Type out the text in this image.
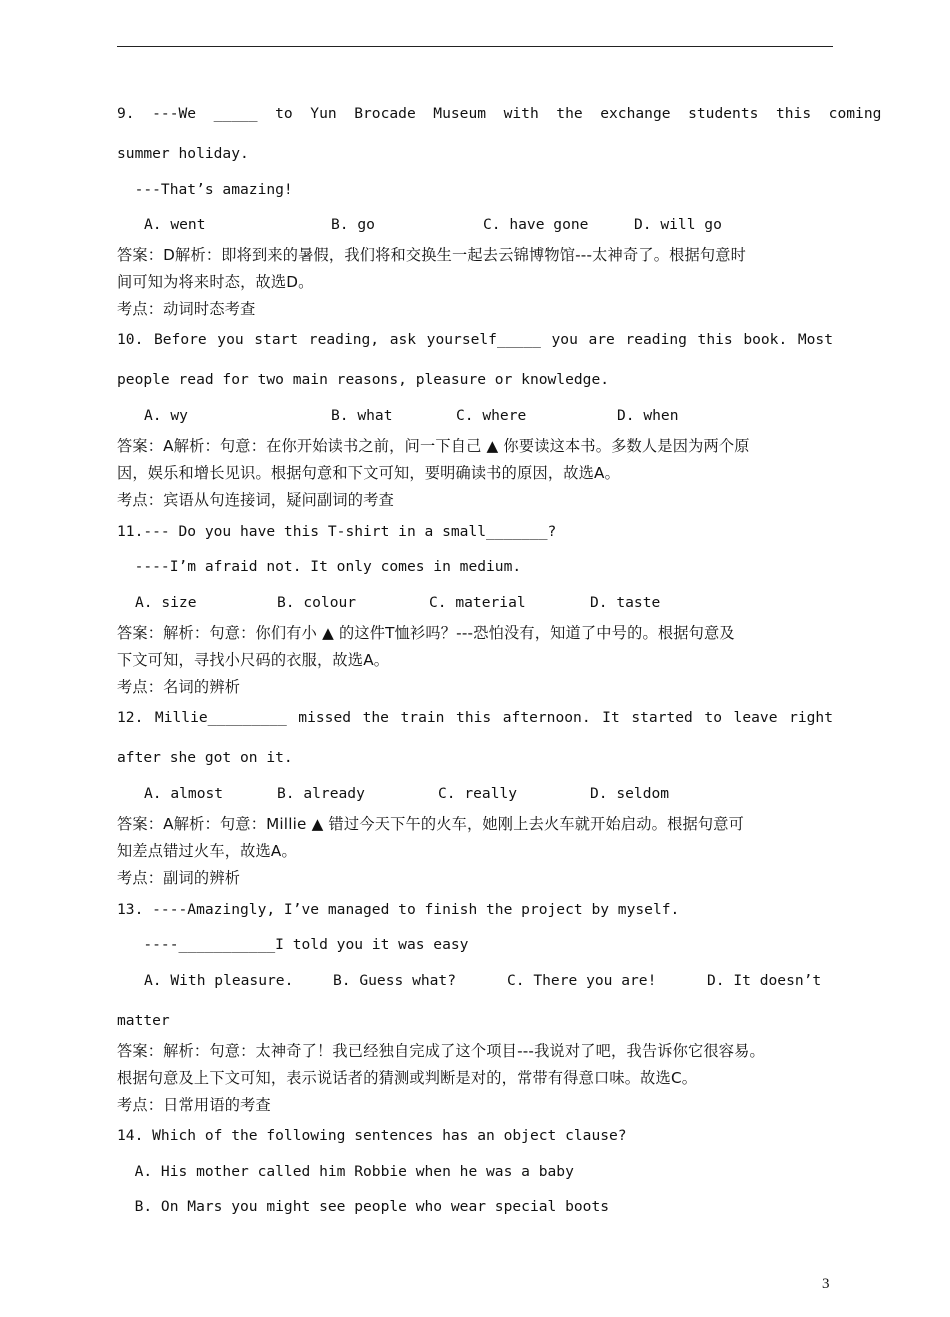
9.  ---We  _____  to  Yun  Brocade  Museum  with  the  exchange  students  this  coming
summer holiday.
---That’s amazing!

A. went

	B. go

	C. have gone

	D. will go

答案：D解析：即将到来的暑假，我们将和交换生一起去云锦博物馆---太神奇了。根据句意时
间可知为将来时态，故选D。
考点：动词时态考查
10. Before you start reading, ask yourself_____ you are reading this book. Most
people read for two main reasons, pleasure or knowledge.

A. wy

	B. what

	C. where

	D. when

答案：A解析：句意：在你开始读书之前，问一下自己 ▲ 你要读这本书。多数人是因为两个原
因，娱乐和增长见识。根据句意和下文可知，要明确读书的原因，故选A。
考点：宾语从句连接词，疑问副词的考查
11.--- Do you have this T-shirt in a small_______?
----I’m afraid not. It only comes in medium.

A. size

	B. colour

	C. material

	D. taste

答案：解析：句意：你们有小 ▲ 的这件T恤衫吗？---恐怕没有，知道了中号的。根据句意及
下文可知，寻找小尺码的衣服，故选A。
考点：名词的辨析
12. Millie_________ missed the train this afternoon. It started to leave right
after she got on it.

A. almost

	B. already

	C. really

	D. seldom

答案：A解析：句意：Millie ▲ 错过今天下午的火车，她刚上去火车就开始启动。根据句意可
知差点错过火车，故选A。
考点：副词的辨析
13. ----Amazingly, I’ve managed to finish the project by myself.
----___________I told you it was easy

A. With pleasure.

	B. Guess what?

	C. There you are!

	D. It doesn’t

matter
答案：解析：句意：太神奇了！我已经独自完成了这个项目---我说对了吧，我告诉你它很容易。
根据句意及上下文可知，表示说话者的猜测或判断是对的，常带有得意口味。故选C。
考点：日常用语的考查
14. Which of the following sentences has an object clause?
A. His mother called him Robbie when he was a baby
B. On Mars you might see people who wear special boots
3
